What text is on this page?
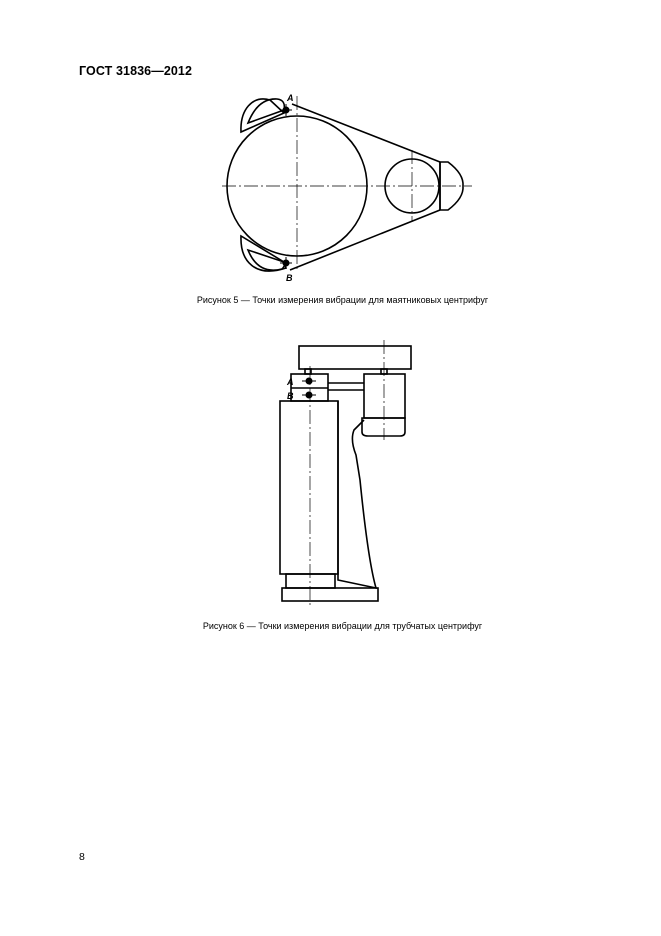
ГОСТ 31836—2012
A
B
A
B
Рисунок 5 — Точки измерения вибрации для маятниковых центрифуг
Рисунок 6 — Точки измерения вибрации для трубчатых центрифуг
8
